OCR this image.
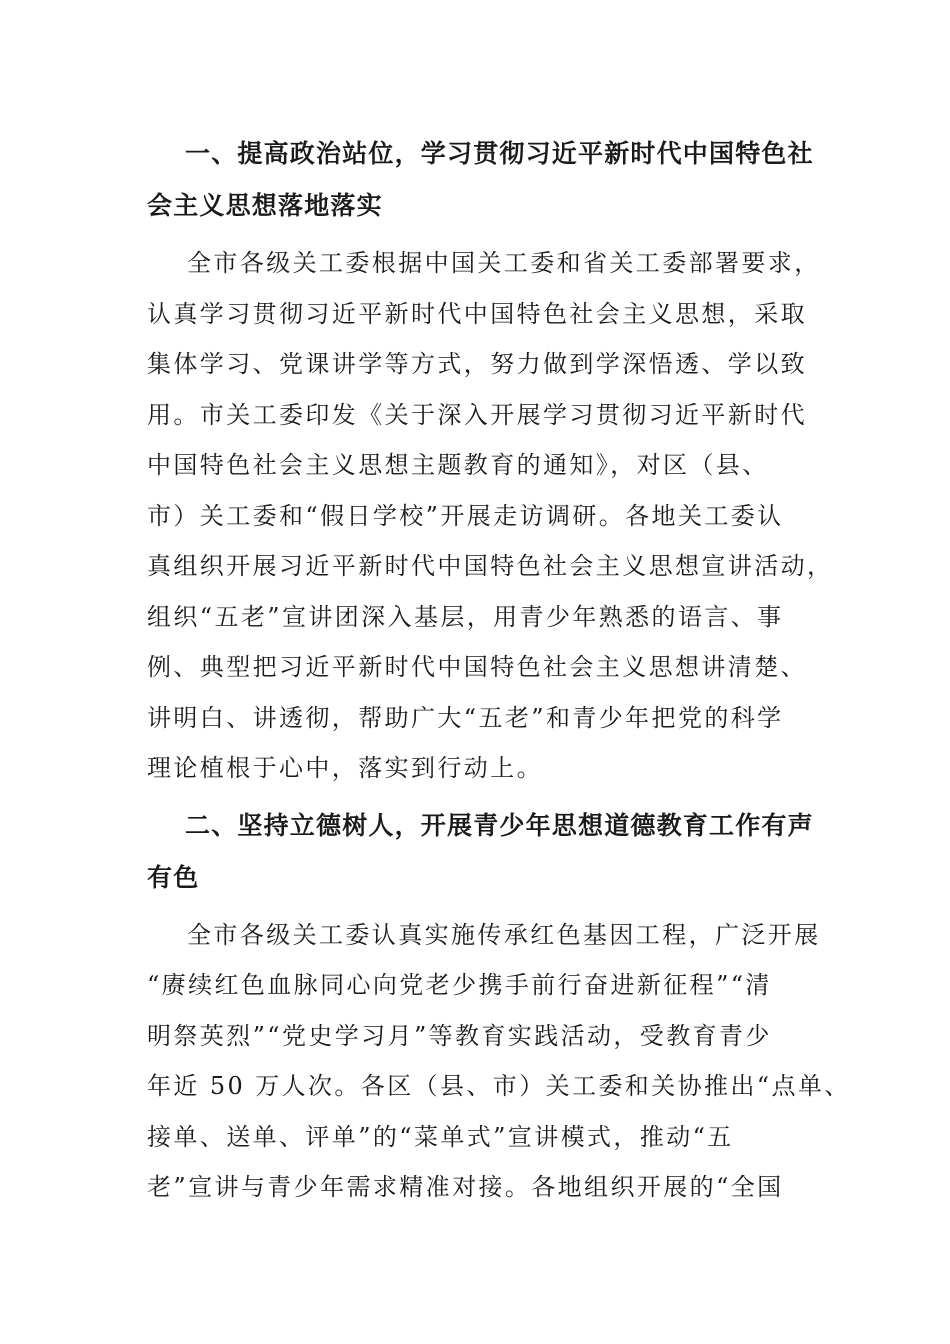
一、提高政治站位，学习贯彻习近平新时代中国特色社
会主义思想落地落实
全市各级关工委根据中国关工委和省关工委部署要求，
认真学习贯彻习近平新时代中国特色社会主义思想，采取
集体学习、党课讲学等方式，努力做到学深悟透、学以致
用。市关工委印发《关于深入开展学习贯彻习近平新时代
中国特色社会主义思想主题教育的通知》，对区（县、
市）关工委和“假日学校”开展走访调研。各地关工委认
真组织开展习近平新时代中国特色社会主义思想宣讲活动，
组织“五老”宣讲团深入基层，用青少年熟悉的语言、事
例、典型把习近平新时代中国特色社会主义思想讲清楚、
讲明白、讲透彻，帮助广大“五老”和青少年把党的科学
理论植根于心中，落实到行动上。
二、坚持立德树人，开展青少年思想道德教育工作有声
有色
全市各级关工委认真实施传承红色基因工程，广泛开展
“赓续红色血脉同心向党老少携手前行奋进新征程”“清
明祭英烈”“党史学习月”等教育实践活动，受教育青少
年近 50 万人次。各区（县、市）关工委和关协推出“点单、
接单、送单、评单”的“菜单式”宣讲模式，推动“五
老”宣讲与青少年需求精准对接。各地组织开展的“全国
